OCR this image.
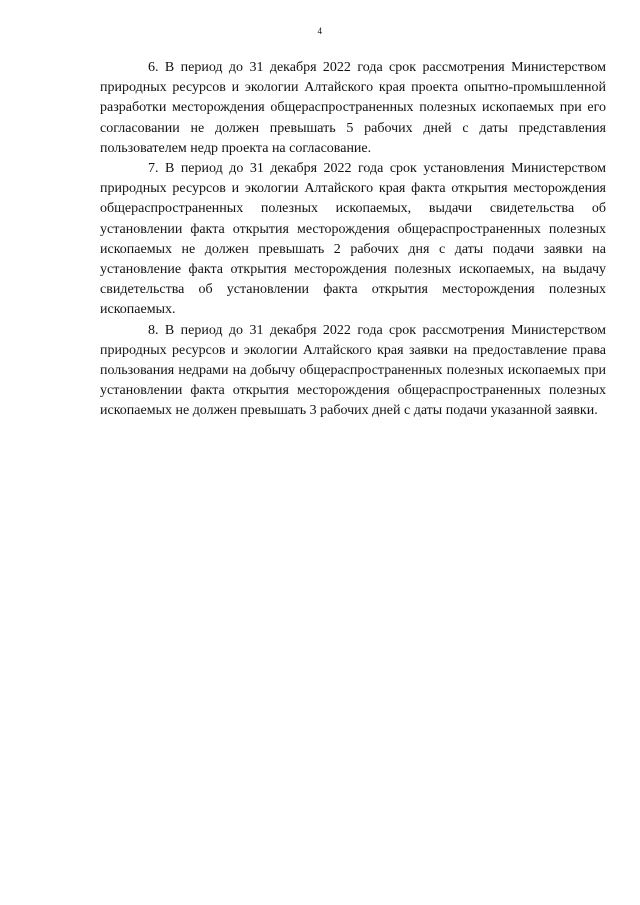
4

6. В период до 31 декабря 2022 года срок рассмотрения Министерством природных ресурсов и экологии Алтайского края проекта опытно-промышленной разработки месторождения общераспространенных полезных ископаемых при его согласовании не должен превышать 5 рабочих дней с даты представления пользователем недр проекта на согласование.

7. В период до 31 декабря 2022 года срок установления Министерством природных ресурсов и экологии Алтайского края факта открытия месторождения общераспространенных полезных ископаемых, выдачи свидетельства об установлении факта открытия месторождения общераспространенных полезных ископаемых не должен превышать 2 рабочих дня с даты подачи заявки на установление факта открытия месторождения полезных ископаемых, на выдачу свидетельства об установлении факта открытия месторождения полезных ископаемых.

8. В период до 31 декабря 2022 года срок рассмотрения Министерством природных ресурсов и экологии Алтайского края заявки на предоставление права пользования недрами на добычу общераспространенных полезных ископаемых при установлении факта открытия месторождения общераспространенных полезных ископаемых не должен превышать 3 рабочих дней с даты подачи указанной заявки.
